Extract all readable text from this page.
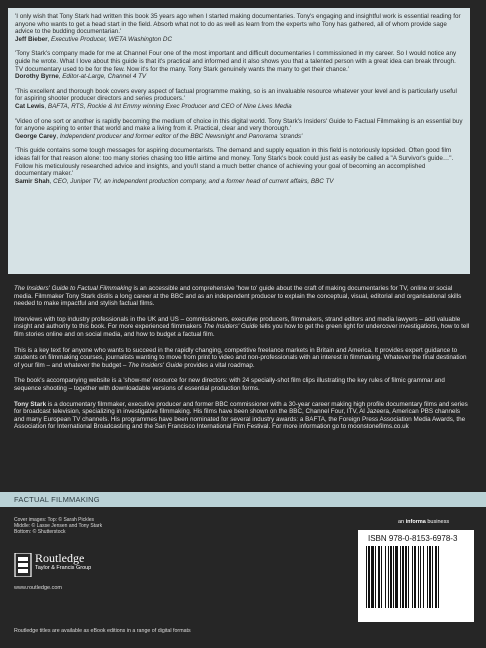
'I only wish that Tony Stark had written this book 35 years ago when I started making documentaries. Tony's engaging and insightful work is essential reading for anyone who wants to get a head start in the field. Absorb what not to do as well as learn from the experts who Tony has gathered, all of whom provide sage advice to the budding documentarian.'
Jeff Bieber, Executive Producer, WETA Washington DC
'Tony Stark's company made for me at Channel Four one of the most important and difficult documentaries I commissioned in my career. So I would notice any guide he wrote. What I love about this guide is that it's practical and informed and it also shows you that a talented person with a great idea can break through. TV documentary used to be for the few. Now it's for the many. Tony Stark genuinely wants the many to get their chance.'
Dorothy Byrne, Editor-at-Large, Channel 4 TV
'This excellent and thorough book covers every aspect of factual programme making, so is an invaluable resource whatever your level and is particularly useful for aspiring shooter producer directors and series producers.'
Cat Lewis, BAFTA, RTS, Rockie & Int Emmy winning Exec Producer and CEO of Nine Lives Media
'Video of one sort or another is rapidly becoming the medium of choice in this digital world. Tony Stark's Insiders' Guide to Factual Filmmaking is an essential buy for anyone aspiring to enter that world and make a living from it. Practical, clear and very thorough.'
George Carey, Independent producer and former editor of the BBC Newsnight and Panorama 'strands'
'This guide contains some tough messages for aspiring documentarists. The demand and supply equation in this field is notoriously lopsided. Often good film ideas fall for that reason alone: too many stories chasing too little airtime and money. Tony Stark's book could just as easily be called a "A Survivor's guide…". Follow his meticulously researched advice and insights, and you'll stand a much better chance of achieving your goal of becoming an accomplished documentary maker.'
Samir Shah, CEO, Juniper TV, an independent production company, and a former head of current affairs, BBC TV

The Insiders' Guide to Factual Filmmaking is an accessible and comprehensive 'how to' guide about the craft of making documentaries for TV, online or social media. Filmmaker Tony Stark distils a long career at the BBC and as an independent producer to explain the conceptual, visual, editorial and organisational skills needed to make impactful and stylish factual films.

Interviews with top industry professionals in the UK and US – commissioners, executive producers, filmmakers, strand editors and media lawyers – add valuable insight and authority to this book. For more experienced filmmakers The Insiders' Guide tells you how to get the green light for undercover investigations, how to tell film stories online and on social media, and how to budget a factual film.

This is a key text for anyone who wants to succeed in the rapidly changing, competitive freelance markets in Britain and America. It provides expert guidance to students on filmmaking courses, journalists wanting to move from print to video and non-professionals with an interest in filmmaking. Whatever the final destination of your film – and whatever the budget – The Insiders' Guide provides a vital roadmap.

The book's accompanying website is a 'show-me' resource for new directors: with 24 specially-shot film clips illustrating the key rules of filmic grammar and sequence shooting – together with downloadable versions of essential production forms.

Tony Stark is a documentary filmmaker, executive producer and former BBC commissioner with a 30-year career making high profile documentary films and series for broadcast television, specializing in investigative filmmaking. His films have been shown on the BBC, Channel Four, ITV, Al Jazeera, American PBS channels and many European TV channels. His programmes have been nominated for several industry awards: a BAFTA, the Foreign Press Association Media Awards, the Association for International Broadcasting and the San Francisco International Film Festival. For more information go to moonstonefilms.co.uk

FACTUAL FILMMAKING
Cover images: Top: © Sarah Pickles
Middle: © Lasse Jensen and Tony Stark
Bottom: © Shutterstock
Routledge
Taylor & Francis Group
www.routledge.com
an informa business
ISBN 978-0-8153-6978-3
Routledge titles are available as eBook editions in a range of digital formats
